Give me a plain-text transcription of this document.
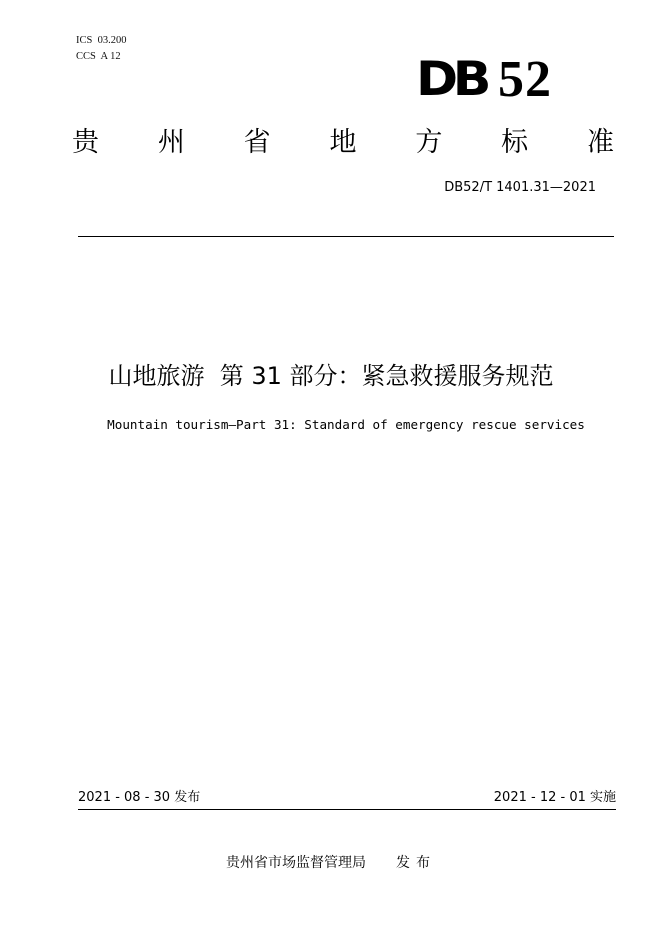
ICS  03.200
CCS  A 12	DB 52
贵 州 省 地 方 标 准
DB52/T 1401.31—2021
山地旅游  第 31 部分：紧急救援服务规范
Mountain tourism—Part 31: Standard of emergency rescue services
2021 - 08 - 30 发布	2021 - 12 - 01 实施
贵州省市场监督管理局 发布
